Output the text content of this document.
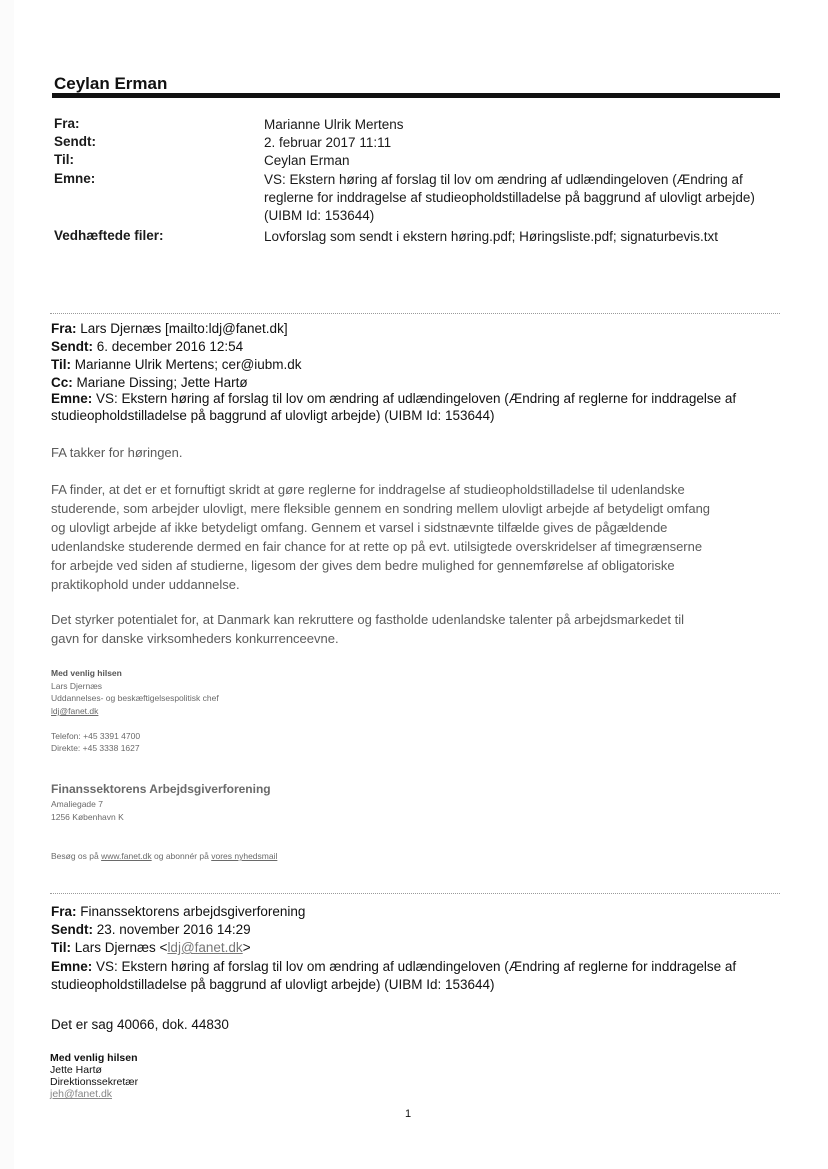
Ceylan Erman
Fra:	Marianne Ulrik Mertens
Sendt:	2. februar 2017 11:11
Til:	Ceylan Erman
Emne:	VS: Ekstern høring af forslag til lov om ændring af udlændingeloven (Ændring af reglerne for inddragelse af studieopholdstilladelse på baggrund af ulovligt arbejde) (UIBM Id: 153644)
Vedhæftede filer:	Lovforslag som sendt i ekstern høring.pdf; Høringsliste.pdf; signaturbevis.txt
Fra: Lars Djernæs [mailto:ldj@fanet.dk]
Sendt: 6. december 2016 12:54
Til: Marianne Ulrik Mertens; cer@iubm.dk
Cc: Mariane Dissing; Jette Hartø
Emne: VS: Ekstern høring af forslag til lov om ændring af udlændingeloven (Ændring af reglerne for inddragelse af
studieopholdstilladelse på baggrund af ulovligt arbejde) (UIBM Id: 153644)
FA takker for høringen.
FA finder, at det er et fornuftigt skridt at gøre reglerne for inddragelse af studieopholdstilladelse til udenlandske
studerende, som arbejder ulovligt, mere fleksible gennem en sondring mellem ulovligt arbejde af betydeligt omfang
og ulovligt arbejde af ikke betydeligt omfang. Gennem et varsel i sidstnævnte tilfælde gives de pågældende
udenlandske studerende dermed en fair chance for at rette op på evt. utilsigtede overskridelser af timegrænserne
for arbejde ved siden af studierne, ligesom der gives dem bedre mulighed for gennemførelse af obligatoriske
praktikophold under uddannelse.
Det styrker potentialet for, at Danmark kan rekruttere og fastholde udenlandske talenter på arbejdsmarkedet til
gavn for danske virksomheders konkurrenceevne.
Med venlig hilsen
Lars Djernæs
Uddannelses- og beskæftigelsespolitisk chef
ldj@fanet.dk
Telefon: +45 3391 4700
Direkte: +45 3338 1627
Finanssektorens Arbejdsgiverforening
Amaliegade 7
1256 København K
Besøg os på www.fanet.dk og abonnér på vores nyhedsmail
Fra: Finanssektorens arbejdsgiverforening
Sendt: 23. november 2016 14:29
Til: Lars Djernæs <ldj@fanet.dk>
Emne: VS: Ekstern høring af forslag til lov om ændring af udlændingeloven (Ændring af reglerne for inddragelse af
studieopholdstilladelse på baggrund af ulovligt arbejde) (UIBM Id: 153644)
Det er sag 40066, dok. 44830
Med venlig hilsen
Jette Hartø
Direktionssekretær
jeh@fanet.dk
1
